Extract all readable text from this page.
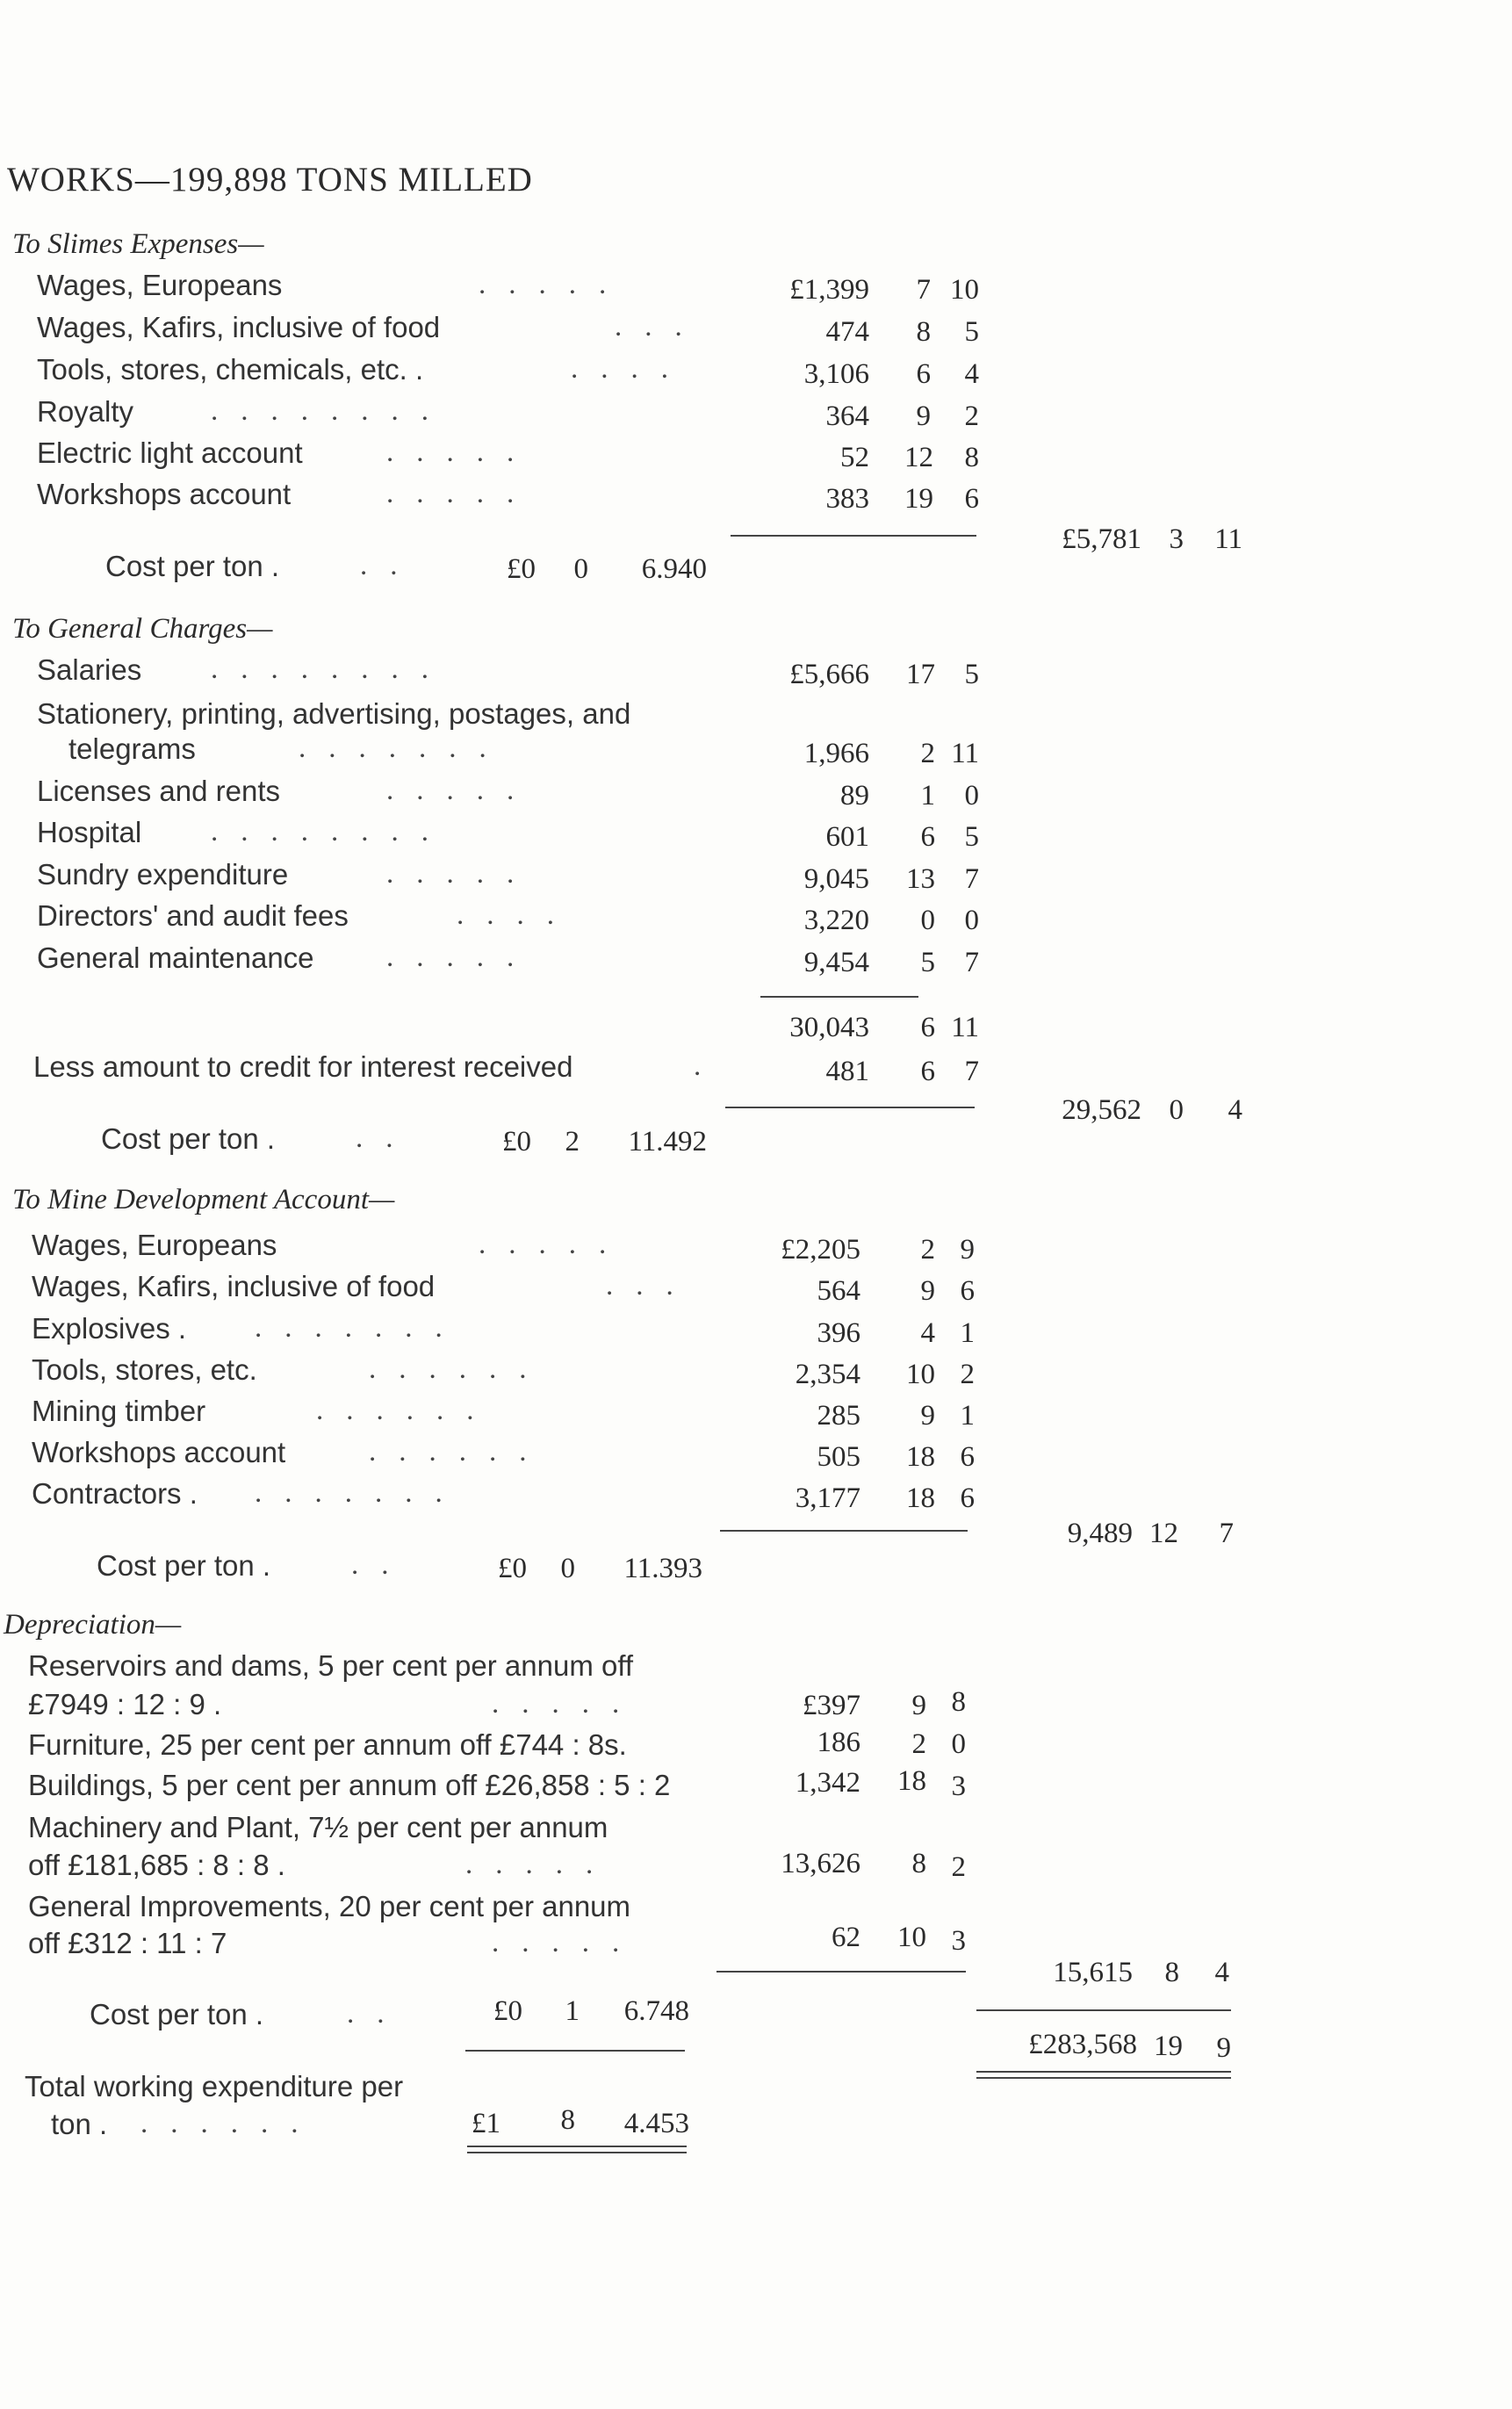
WORKS—199,898 TONS MILLED
To Slimes Expenses—
Wages, Europeans	.....	£1,399	7 10
Wages, Kafirs, inclusive of food	...	474	8	5
Tools, stores, chemicals, etc. .	....	3,106	6	4
Royalty	........	364	9	2
Electric light account	.....	52 12	8
Workshops account	.....	383 19	6
£5,781 3	11
Cost per ton .	..	£0	0	6.940
To General Charges—
Salaries ........	£5,666	17	5
Stationery, printing, advertising, postages, and
telegrams	.......	1,966	2 11
Licenses and rents	.....	89	1	0
Hospital ........	601	6	5
Sundry expenditure	.....	9,045	13	7
Directors' and audit fees	....	3,220	0	0
General maintenance .....	9,454	5	7
30,043	6 11
Less amount to credit for interest received	.	481	6	7
29,562 0	4
Cost per ton .	..	£0	2	11.492
To Mine Development Account—
Wages, Europeans	.....	£2,205	2 9
Wages, Kafirs, inclusive of food	...	564	9 6
Explosives . .......	396	4 1
Tools, stores, etc.	......	2,354	10 2
Mining timber	......	285	9 1
Workshops account	......	505	18 6
Contractors . .......	3,177	18 6
9,489 12	7
Cost per ton .	..	£0	0	11.393
Depreciation—
Reservoirs and dams, 5 per cent per annum off
£7949 : 12 : 9 .	.....	£397	9 8
Furniture, 25 per cent per annum off £744 : 8s.	186	2 0
Buildings, 5 per cent per annum off £26,858 : 5 : 2	1,342	18 3
Machinery and Plant, 7½ per cent per annum
off £181,685 : 8 : 8 .	.....	13,626	8 2
General Improvements, 20 per cent per annum
off £312 : 11 : 7	.....	62	10 3
15,615	8	4
Cost per ton .	..	£0	1	6.748
£283,568 19	9
Total working expenditure per
ton . ......	£1	8	4.453
